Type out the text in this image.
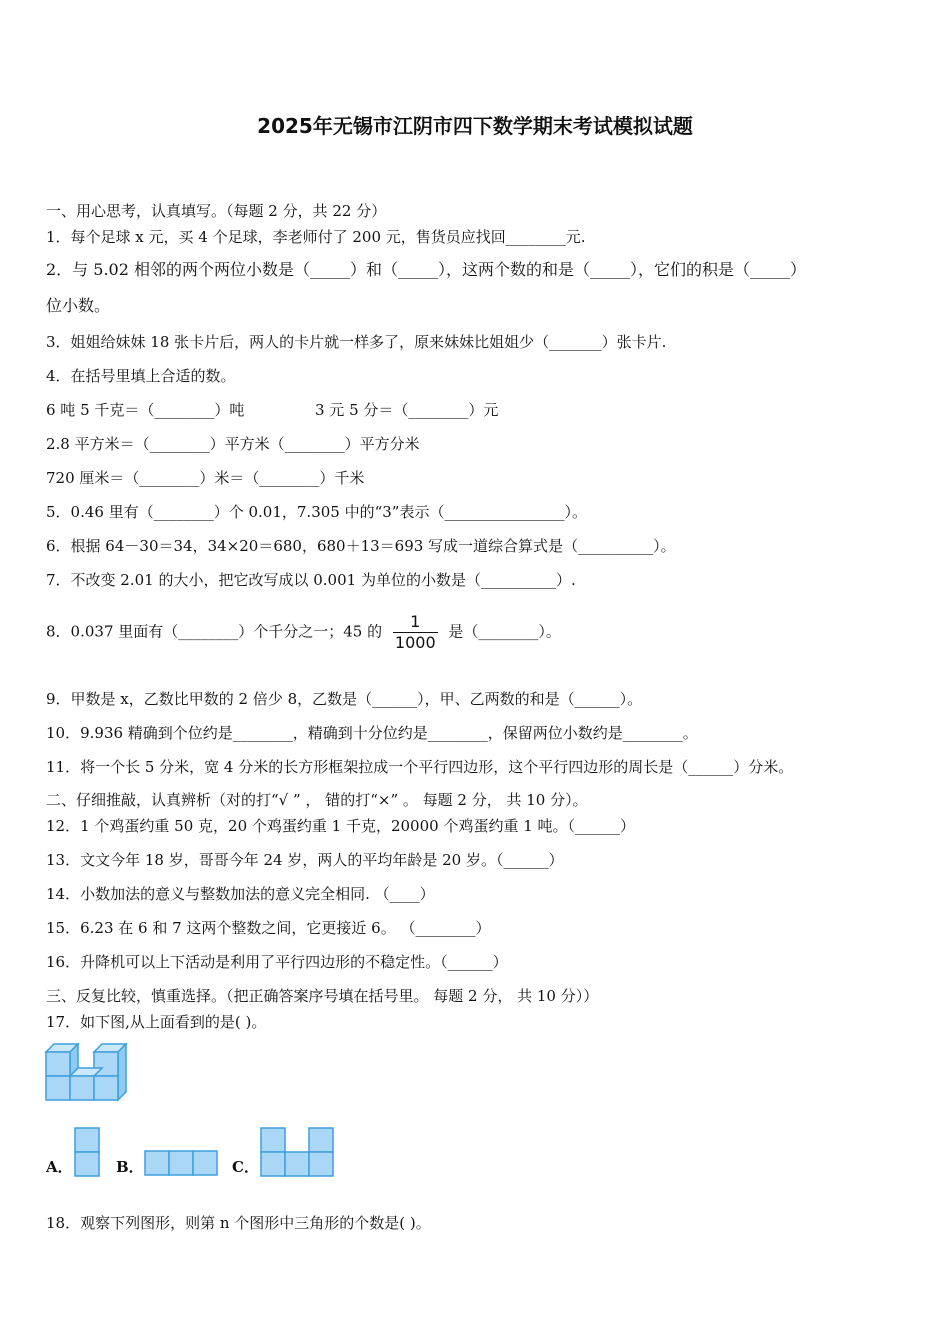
2025年无锡市江阴市四下数学期末考试模拟试题
一、用心思考，认真填写。（每题 2 分，共 22 分）
1．每个足球 x 元，买 4 个足球，李老师付了 200 元，售货员应找回________元.
2．与 5.02 相邻的两个两位小数是（_____）和（_____），这两个数的和是（_____），它们的积是（_____）
位小数。
3．姐姐给妹妹 18 张卡片后，两人的卡片就一样多了，原来妹妹比姐姐少（_______）张卡片.
4．在括号里填上合适的数。
6 吨 5 千克＝（________）吨	3 元 5 分＝（________）元
2.8 平方米＝（________）平方米（________）平方分米
720 厘米＝（________）米＝（________）千米
5．0.46 里有（________）个 0.01，7.305 中的“3”表示（________________）。
6．根据 64－30＝34，34×20＝680，680＋13＝693 写成一道综合算式是（__________）。
7．不改变 2.01 的大小，把它改写成以 0.001 为单位的小数是（__________）.
8．0.037 里面有（________）个千分之一；45 的 $\frac{1}{1000}$ 是（________）。
9．甲数是 x，乙数比甲数的 2 倍少 8，乙数是（______），甲、乙两数的和是（______）。
10．9.936 精确到个位约是________，精确到十分位约是________，保留两位小数约是________。
11．将一个长 5 分米，宽 4 分米的长方形框架拉成一个平行四边形，这个平行四边形的周长是（______）分米。
二、仔细推敲，认真辨析（对的打“√ ” ， 错的打“×” 。 每题 2 分， 共 10 分）。
12．1 个鸡蛋约重 50 克，20 个鸡蛋约重 1 千克，20000 个鸡蛋约重 1 吨。（______）
13．文文今年 18 岁，哥哥今年 24 岁，两人的平均年龄是 20 岁。（______）
14．小数加法的意义与整数加法的意义完全相同. （____）
15．6.23 在 6 和 7 这两个整数之间，它更接近 6。 （________）
16．升降机可以上下活动是利用了平行四边形的不稳定性。（______）
三、反复比较，慎重选择。（把正确答案序号填在括号里。 每题 2 分， 共 10 分））
17．如下图,从上面看到的是( )。
A．	B．	C．
18．观察下列图形，则第 n 个图形中三角形的个数是( )。
